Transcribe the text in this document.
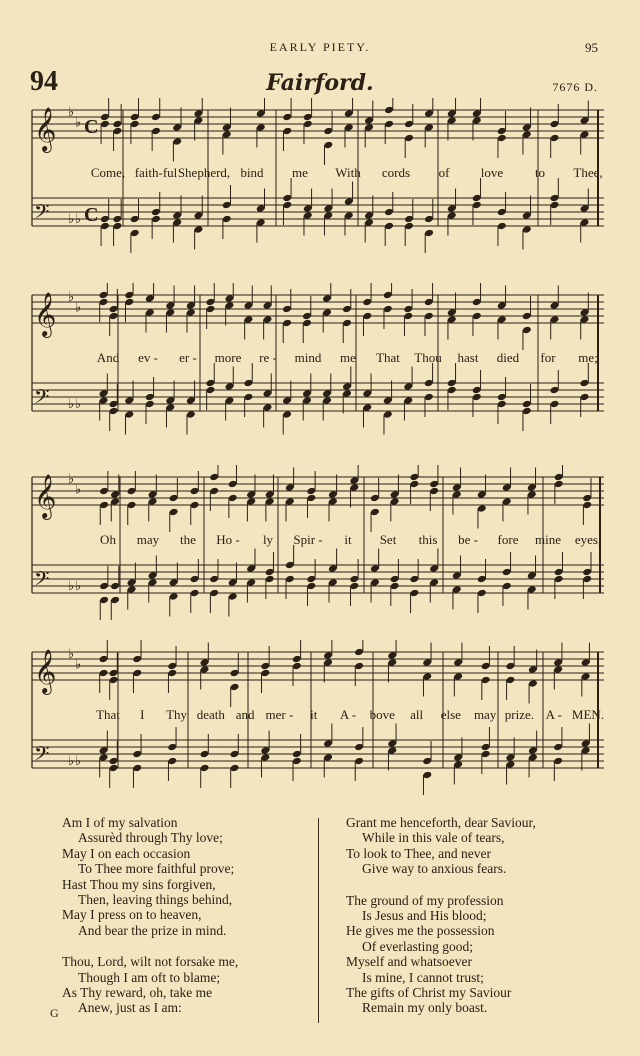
EARLY PIETY.	95
94	Fairford.	7676 D.
𝄞 ♭
♭ C
𝄢 ♭ ♭ C
Come, faith-ful Shepherd, bind me With cords of love to Thee,
𝄞 ♭
♭
𝄢 ♭ ♭
And ev - er - more re - mind me That Thou hast died for me;
𝄞 ♭
♭
𝄢 ♭ ♭
Oh may the Ho - ly Spir - it Set this be - fore mine eyes,
𝄞 ♭
♭
𝄢 ♭ ♭
That I Thy death and mer - it A - bove all else may prize. A - MEN.
Am I of my salvation
Assurèd through Thy love;
May I on each occasion
To Thee more faithful prove;
Hast Thou my sins forgiven,
Then, leaving things behind,
May I press on to heaven,
And bear the prize in mind.
Thou, Lord, wilt not forsake me,
Though I am oft to blame;
As Thy reward, oh, take me
Anew, just as I am:
Grant me henceforth, dear Saviour,
While in this vale of tears,
To look to Thee, and never
Give way to anxious fears.
The ground of my profession
Is Jesus and His blood;
He gives me the possession
Of everlasting good;
Myself and whatsoever
Is mine, I cannot trust;
The gifts of Christ my Saviour
Remain my only boast.
G
